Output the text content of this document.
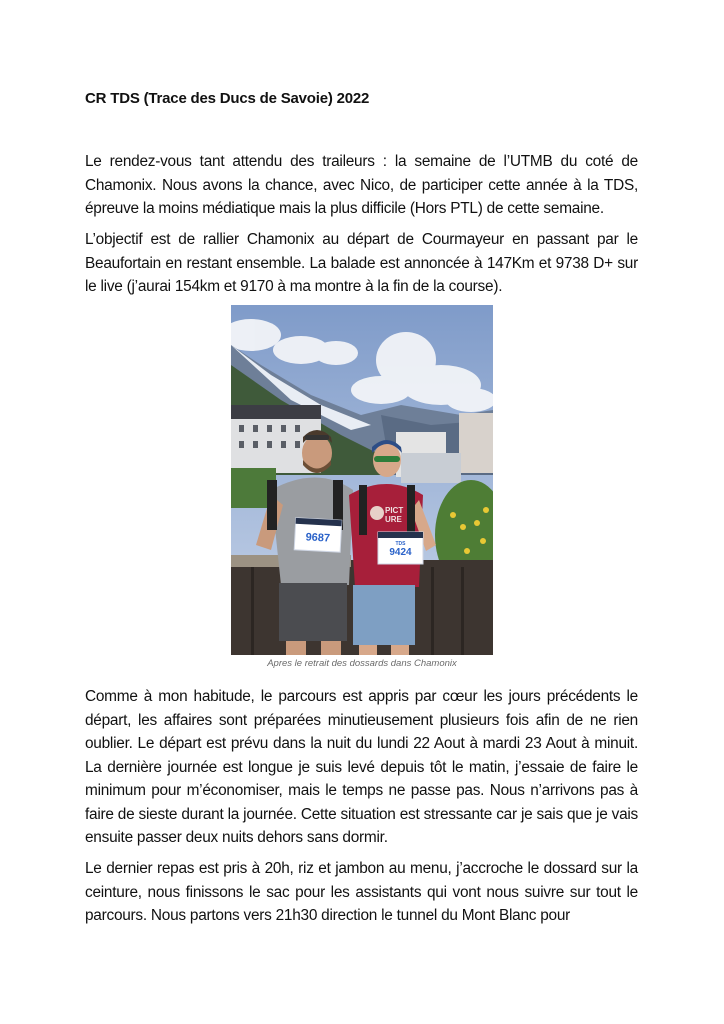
CR TDS (Trace des Ducs de Savoie) 2022

Le rendez-vous tant attendu des traileurs : la semaine de l’UTMB du coté de Chamonix. Nous avons la chance, avec Nico, de participer cette année à la TDS, épreuve la moins médiatique mais la plus difficile (Hors PTL) de cette semaine.

L’objectif est de rallier Chamonix au départ de Courmayeur en passant par le Beaufortain en restant ensemble. La balade est annoncée à 147Km et 9738 D+ sur le live (j’aurai 154km et 9170 à ma montre à la fin de la course).

9687
PICT
URE
TDS
9424
Apres le retrait des dossards dans Chamonix

Comme à mon habitude, le parcours est appris par cœur les jours précédents le départ, les affaires sont préparées minutieusement plusieurs fois afin de ne rien oublier. Le départ est prévu dans la nuit du lundi 22 Aout à mardi 23 Aout à minuit. La dernière journée est longue je suis levé depuis tôt le matin, j’essaie de faire le minimum pour m’économiser, mais le temps ne passe pas. Nous n’arrivons pas à faire de sieste durant la journée. Cette situation est stressante car je sais que je vais ensuite passer deux nuits dehors sans dormir.

Le dernier repas est pris à 20h, riz et jambon au menu, j’accroche le dossard sur la ceinture, nous finissons le sac pour les assistants qui vont nous suivre sur tout le parcours. Nous partons vers 21h30 direction le tunnel du Mont Blanc pour
